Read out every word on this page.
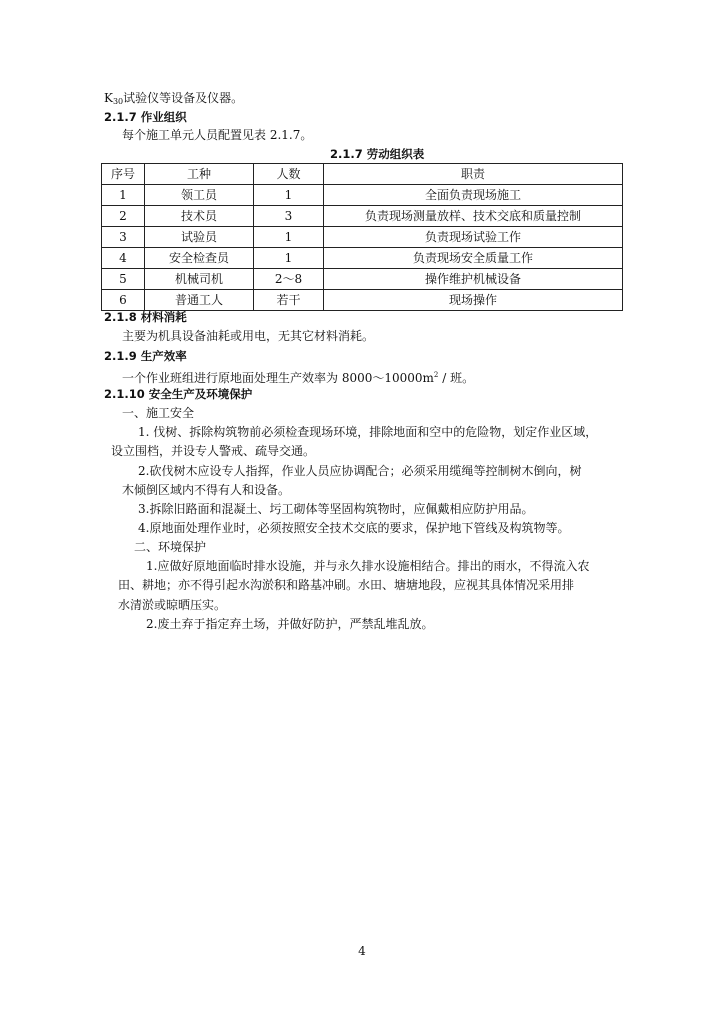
$K_{30}$试验仪等设备及仪器。
2.1.7 作业组织
每个施工单元人员配置见表 2.1.7。
2.1.7 劳动组织表
序号	工种	人数	职责
1	领工员	1	全面负责现场施工
2	技术员	3	负责现场测量放样、技术交底和质量控制
3	试验员	1	负责现场试验工作
4	安全检查员	1	负责现场安全质量工作
5	机械司机	2～8	操作维护机械设备
6	普通工人	若干	现场操作
2.1.8 材料消耗
主要为机具设备油耗或用电，无其它材料消耗。
2.1.9 生产效率
一个作业班组进行原地面处理生产效率为 $8000\sim 10000m^2$ / 班。
2.1.10 安全生产及环境保护
一、施工安全
1. 伐树、拆除构筑物前必须检查现场环境，排除地面和空中的危险物，划定作业区域，
设立围档，并设专人警戒、疏导交通。
2.砍伐树木应设专人指挥，作业人员应协调配合；必须采用缆绳等控制树木倒向，树
木倾倒区域内不得有人和设备。
3.拆除旧路面和混凝土、圬工砌体等坚固构筑物时，应佩戴相应防护用品。
4.原地面处理作业时，必须按照安全技术交底的要求，保护地下管线及构筑物等。
二、环境保护
1.应做好原地面临时排水设施，并与永久排水设施相结合。排出的雨水，不得流入农
田、耕地；亦不得引起水沟淤积和路基冲刷。水田、塘塘地段，应视其具体情况采用排
水清淤或晾晒压实。
2.废土弃于指定弃土场，并做好防护，严禁乱堆乱放。
4
